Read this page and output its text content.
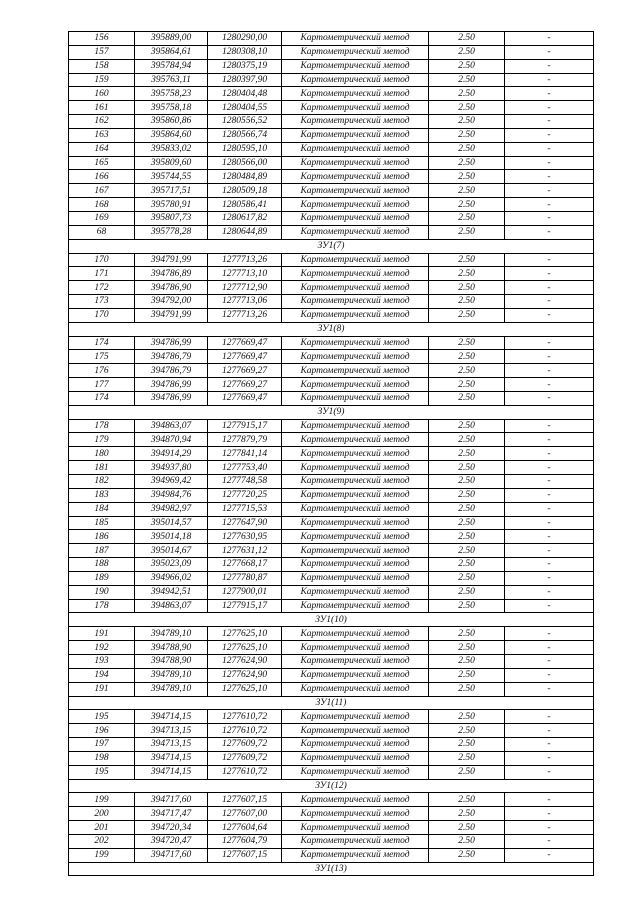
156	395889,00	1280290,00	Картометрический метод	2.50	-
157	395864,61	1280308,10	Картометрический метод	2.50	-
158	395784,94	1280375,19	Картометрический метод	2.50	-
159	395763,11	1280397,90	Картометрический метод	2.50	-
160	395758,23	1280404,48	Картометрический метод	2.50	-
161	395758,18	1280404,55	Картометрический метод	2.50	-
162	395860,86	1280556,52	Картометрический метод	2.50	-
163	395864,60	1280566,74	Картометрический метод	2.50	-
164	395833,02	1280595,10	Картометрический метод	2.50	-
165	395809,60	1280566,00	Картометрический метод	2.50	-
166	395744,55	1280484,89	Картометрический метод	2.50	-
167	395717,51	1280509,18	Картометрический метод	2.50	-
168	395780,91	1280586,41	Картометрический метод	2.50	-
169	395807,73	1280617,82	Картометрический метод	2.50	-
68	395778,28	1280644,89	Картометрический метод	2.50	-
ЗУ1(7)					
170	394791,99	1277713,26	Картометрический метод	2.50	-
171	394786,89	1277713,10	Картометрический метод	2.50	-
172	394786,90	1277712,90	Картометрический метод	2.50	-
173	394792,00	1277713,06	Картометрический метод	2.50	-
170	394791,99	1277713,26	Картометрический метод	2.50	-
ЗУ1(8)					
174	394786,99	1277669,47	Картометрический метод	2.50	-
175	394786,79	1277669,47	Картометрический метод	2.50	-
176	394786,79	1277669,27	Картометрический метод	2.50	-
177	394786,99	1277669,27	Картометрический метод	2.50	-
174	394786,99	1277669,47	Картометрический метод	2.50	-
ЗУ1(9)					
178	394863,07	1277915,17	Картометрический метод	2.50	-
179	394870,94	1277879,79	Картометрический метод	2.50	-
180	394914,29	1277841,14	Картометрический метод	2.50	-
181	394937,80	1277753,40	Картометрический метод	2.50	-
182	394969,42	1277748,58	Картометрический метод	2.50	-
183	394984,76	1277720,25	Картометрический метод	2.50	-
184	394982,97	1277715,53	Картометрический метод	2.50	-
185	395014,57	1277647,90	Картометрический метод	2.50	-
186	395014,18	1277630,95	Картометрический метод	2.50	-
187	395014,67	1277631,12	Картометрический метод	2.50	-
188	395023,09	1277668,17	Картометрический метод	2.50	-
189	394966,02	1277780,87	Картометрический метод	2.50	-
190	394942,51	1277900,01	Картометрический метод	2.50	-
178	394863,07	1277915,17	Картометрический метод	2.50	-
ЗУ1(10)					
191	394789,10	1277625,10	Картометрический метод	2.50	-
192	394788,90	1277625,10	Картометрический метод	2.50	-
193	394788,90	1277624,90	Картометрический метод	2.50	-
194	394789,10	1277624,90	Картометрический метод	2.50	-
191	394789,10	1277625,10	Картометрический метод	2.50	-
ЗУ1(11)					
195	394714,15	1277610,72	Картометрический метод	2.50	-
196	394713,15	1277610,72	Картометрический метод	2.50	-
197	394713,15	1277609,72	Картометрический метод	2.50	-
198	394714,15	1277609,72	Картометрический метод	2.50	-
195	394714,15	1277610,72	Картометрический метод	2.50	-
ЗУ1(12)					
199	394717,60	1277607,15	Картометрический метод	2.50	-
200	394717,47	1277607,00	Картометрический метод	2.50	-
201	394720,34	1277604,64	Картометрический метод	2.50	-
202	394720,47	1277604,79	Картометрический метод	2.50	-
199	394717,60	1277607,15	Картометрический метод	2.50	-
ЗУ1(13)					
